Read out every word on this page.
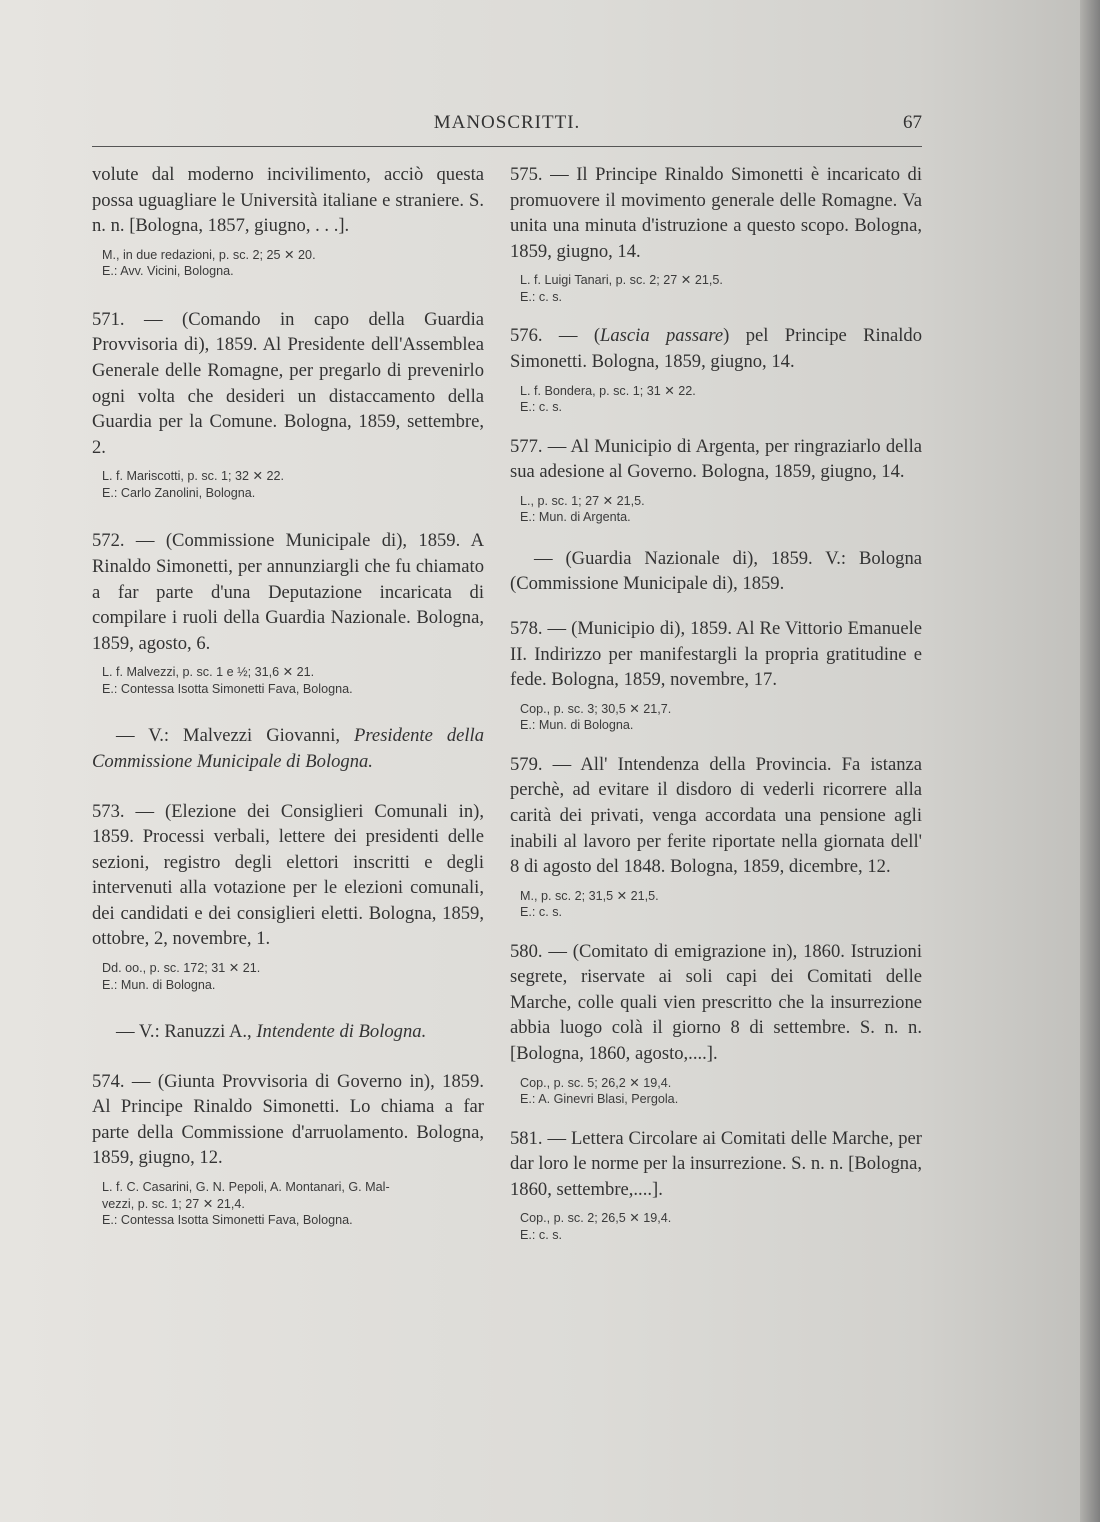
MANOSCRITTI.	67

volute dal moderno incivilimento, acciò questa possa uguagliare le Università italiane e straniere. S. n. n. [Bologna, 1857, giugno, . . .].

M., in due redazioni, p. sc. 2; 25 ✕ 20.
E.: Avv. Vicini, Bologna.

571. — (Comando in capo della Guardia Provvisoria di), 1859. Al Presidente dell'Assemblea Generale delle Romagne, per pregarlo di prevenirlo ogni volta che desideri un distaccamento della Guardia per la Comune. Bologna, 1859, settembre, 2.

L. f. Mariscotti, p. sc. 1; 32 ✕ 22.
E.: Carlo Zanolini, Bologna.

572. — (Commissione Municipale di), 1859. A Rinaldo Simonetti, per annunziargli che fu chiamato a far parte d'una Deputazione incaricata di compilare i ruoli della Guardia Nazionale. Bologna, 1859, agosto, 6.

L. f. Malvezzi, p. sc. 1 e ½; 31,6 ✕ 21.
E.: Contessa Isotta Simonetti Fava, Bologna.

— V.: Malvezzi Giovanni, Presidente della Commissione Municipale di Bologna.

573. — (Elezione dei Consiglieri Comunali in), 1859. Processi verbali, lettere dei presidenti delle sezioni, registro degli elettori inscritti e degli intervenuti alla votazione per le elezioni comunali, dei candidati e dei consiglieri eletti. Bologna, 1859, ottobre, 2, novembre, 1.

Dd. oo., p. sc. 172; 31 ✕ 21.
E.: Mun. di Bologna.

— V.: Ranuzzi A., Intendente di Bologna.

574. — (Giunta Provvisoria di Governo in), 1859. Al Principe Rinaldo Simonetti. Lo chiama a far parte della Commissione d'arruolamento. Bologna, 1859, giugno, 12.

L. f. C. Casarini, G. N. Pepoli, A. Montanari, G. Mal-
vezzi, p. sc. 1; 27 ✕ 21,4.
E.: Contessa Isotta Simonetti Fava, Bologna.

575. — Il Principe Rinaldo Simonetti è incaricato di promuovere il movimento generale delle Romagne. Va unita una minuta d'istruzione a questo scopo. Bologna, 1859, giugno, 14.

L. f. Luigi Tanari, p. sc. 2; 27 ✕ 21,5.
E.: c. s.

576. — (Lascia passare) pel Principe Rinaldo Simonetti. Bologna, 1859, giugno, 14.

L. f. Bondera, p. sc. 1; 31 ✕ 22.
E.: c. s.

577. — Al Municipio di Argenta, per ringraziarlo della sua adesione al Governo. Bologna, 1859, giugno, 14.

L., p. sc. 1; 27 ✕ 21,5.
E.: Mun. di Argenta.

— (Guardia Nazionale di), 1859. V.: Bologna (Commissione Municipale di), 1859.

578. — (Municipio di), 1859. Al Re Vittorio Emanuele II. Indirizzo per manifestargli la propria gratitudine e fede. Bologna, 1859, novembre, 17.

Cop., p. sc. 3; 30,5 ✕ 21,7.
E.: Mun. di Bologna.

579. — All' Intendenza della Provincia. Fa istanza perchè, ad evitare il disdoro di vederli ricorrere alla carità dei privati, venga accordata una pensione agli inabili al lavoro per ferite riportate nella giornata dell' 8 di agosto del 1848. Bologna, 1859, dicembre, 12.

M., p. sc. 2; 31,5 ✕ 21,5.
E.: c. s.

580. — (Comitato di emigrazione in), 1860. Istruzioni segrete, riservate ai soli capi dei Comitati delle Marche, colle quali vien prescritto che la insurrezione abbia luogo colà il giorno 8 di settembre. S. n. n. [Bologna, 1860, agosto,....].

Cop., p. sc. 5; 26,2 ✕ 19,4.
E.: A. Ginevri Blasi, Pergola.

581. — Lettera Circolare ai Comitati delle Marche, per dar loro le norme per la insurrezione. S. n. n. [Bologna, 1860, settembre,....].

Cop., p. sc. 2; 26,5 ✕ 19,4.
E.: c. s.
